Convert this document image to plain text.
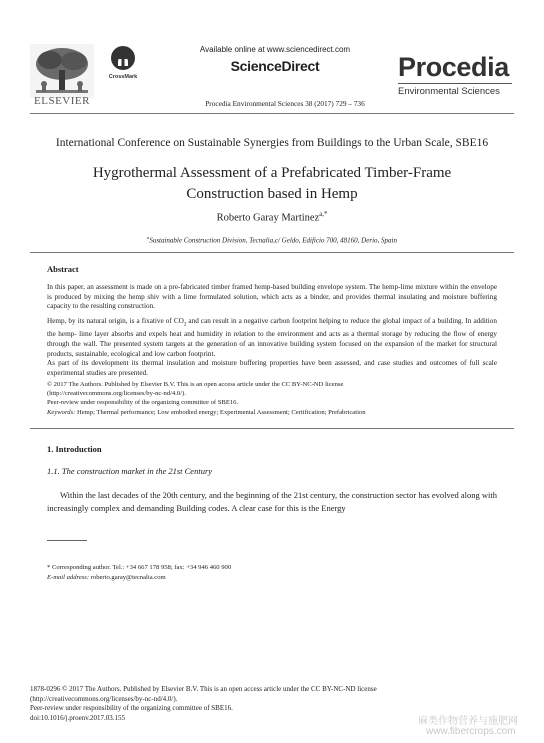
ELSEVIER
CrossMark
Available online at www.sciencedirect.com
ScienceDirect
Procedia Environmental Sciences 38 (2017) 729 – 736
Procedia
Environmental Sciences
International Conference on Sustainable Synergies from Buildings to the Urban Scale, SBE16
Hygrothermal Assessment of a Prefabricated Timber-Frame
Construction based in Hemp
Roberto Garay Martinez$^{a,*}$
$^a$Sustainable Construction Division, Tecnalia,c/ Geldo, Edificio 700, 48160, Derio, Spain
Abstract
In this paper, an assessment is made on a pre-fabricated timber framed hemp-based building envelope system. The hemp-lime mixture within the envelope is produced by mixing the hemp shiv with a lime formulated solution, which acts as a binder, and provides thermal insulating and moisture buffering capacity to the resulting construction.
Hemp, by its natural origin, is a fixative of $CO_2$ and can result in a negative carbon footprint helping to reduce the global impact of a building. In addition the hemp- lime layer absorbs and expels heat and humidity in relation to the environment and acts as a thermal storage by reducing the flow of energy through the wall. The presented system targets at the generation of an innovative building system focused on the expansion of the market for structural products, sustainable, ecological and low carbon footprint.
As part of its development its thermal insulation and moisture buffering properties have been assessed, and case studies and outcomes of full scale experimental studies are presented.
© 2017 The Authors. Published by Elsevier B.V. This is an open access article under the CC BY-NC-ND license
(http://creativecommons.org/licenses/by-nc-nd/4.0/).
Peer-review under responsibility of the organizing committee of SBE16.
Keywords: Hemp; Thermal performance; Low embodied energy; Experimental Assessment; Certification; Prefabrication
1. Introduction
1.1. The construction market in the 21st Century
Within the last decades of the 20th century, and the beginning of the 21st century, the construction sector has evolved along with increasingly complex and demanding Building codes. A clear case for this is the Energy
* Corresponding author. Tel.: +34 667 178 958; fax: +34 946 460 900
E-mail address: roberto.garay@tecnalia.com
1878-0296 © 2017 The Authors. Published by Elsevier B.V. This is an open access article under the CC BY-NC-ND license
(http://creativecommons.org/licenses/by-nc-nd/4.0/).
Peer-review under responsibility of the organizing committee of SBE16.
doi:10.1016/j.proenv.2017.03.155	麻类作物营养与施肥网
www.fibercrops.com
